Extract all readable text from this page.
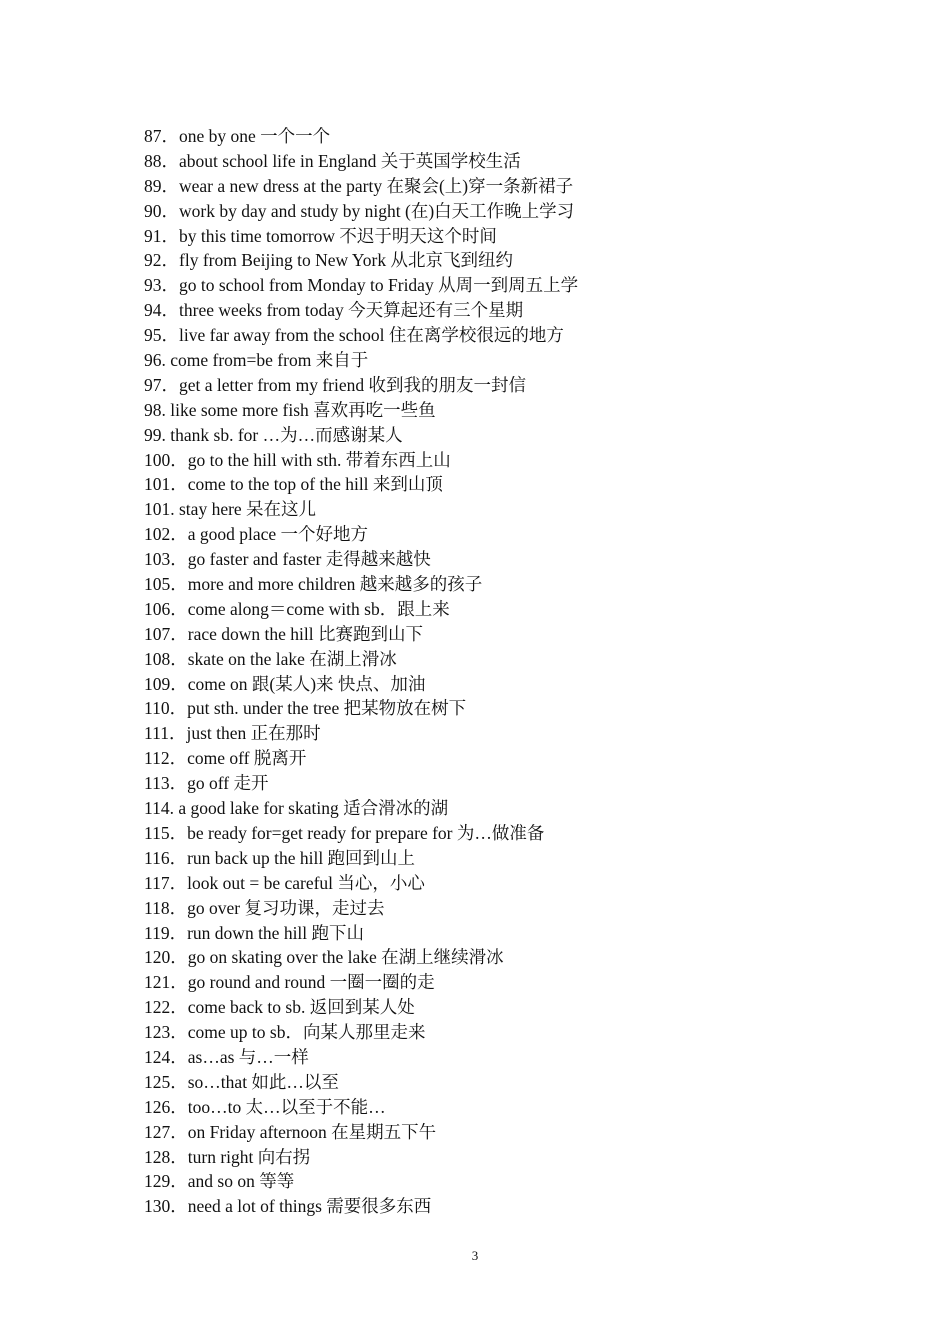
87．one by one 一个一个
88．about school life in England 关于英国学校生活
89．wear a new dress at the party 在聚会(上)穿一条新裙子
90．work by day and study by night (在)白天工作晚上学习
91．by this time tomorrow 不迟于明天这个时间
92．fly from Beijing to New York 从北京飞到纽约
93．go to school from Monday to Friday 从周一到周五上学
94．three weeks from today 今天算起还有三个星期
95．live far away from the school 住在离学校很远的地方
96. come from=be from 来自于
97．get a letter from my friend 收到我的朋友一封信
98. like some more fish 喜欢再吃一些鱼
99. thank sb. for …为…而感谢某人
100．go to the hill with sth. 带着东西上山
101．come to the top of the hill 来到山顶
101. stay here 呆在这儿
102．a good place 一个好地方
103．go faster and faster 走得越来越快
105．more and more children 越来越多的孩子
106．come along＝come with sb．跟上来
107．race down the hill 比赛跑到山下
108．skate on the lake 在湖上滑冰
109．come on 跟(某人)来 快点、加油
110．put sth. under the tree 把某物放在树下
111．just then 正在那时
112．come off 脱离开
113．go off 走开
114. a good lake for skating 适合滑冰的湖
115．be ready for=get ready for prepare for 为…做准备
116．run back up the hill 跑回到山上
117．look out = be careful 当心，小心
118．go over 复习功课，走过去
119．run down the hill 跑下山
120．go on skating over the lake 在湖上继续滑冰
121．go round and round 一圈一圈的走
122．come back to sb. 返回到某人处
123．come up to sb．向某人那里走来
124．as…as 与…一样
125．so…that 如此…以至
126．too…to 太…以至于不能…
127．on Friday afternoon 在星期五下午
128．turn right 向右拐
129．and so on 等等
130．need a lot of things 需要很多东西
3
